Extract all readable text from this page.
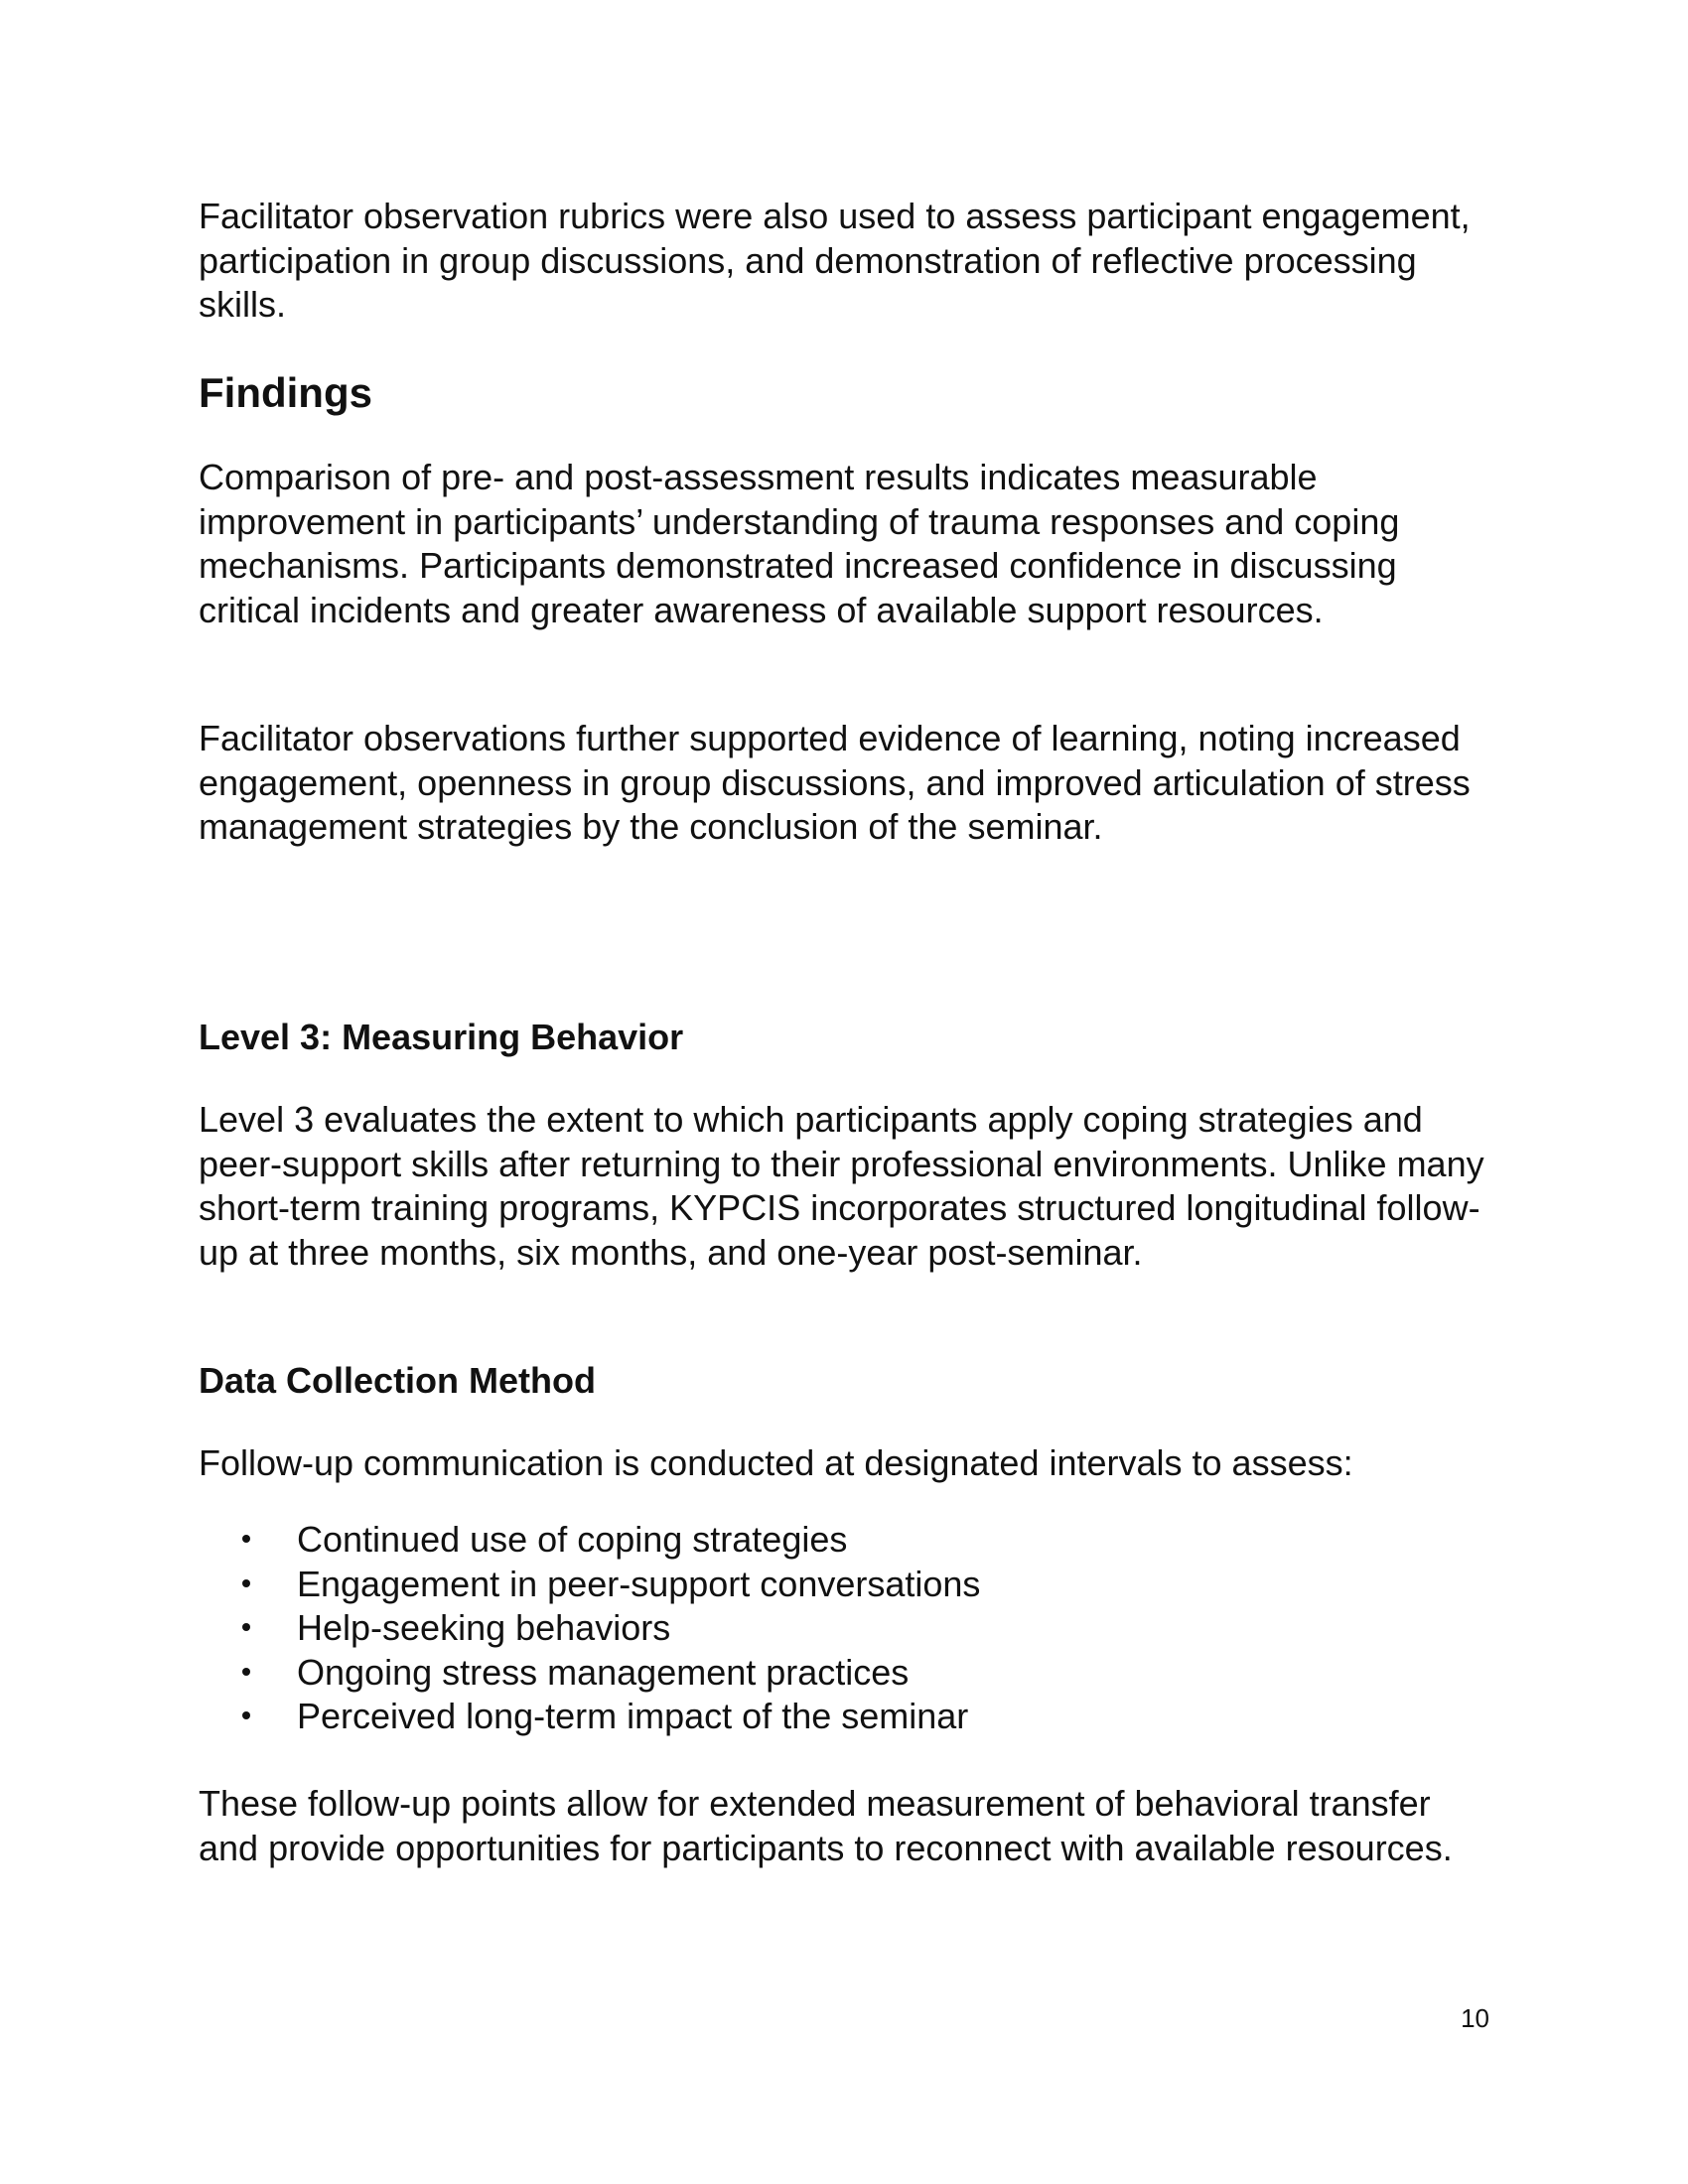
Facilitator observation rubrics were also used to assess participant engagement, participation in group discussions, and demonstration of reflective processing skills.

Findings

Comparison of pre- and post-assessment results indicates measurable improvement in participants’ understanding of trauma responses and coping mechanisms. Participants demonstrated increased confidence in discussing critical incidents and greater awareness of available support resources.

Facilitator observations further supported evidence of learning, noting increased engagement, openness in group discussions, and improved articulation of stress management strategies by the conclusion of the seminar.

Level 3: Measuring Behavior

Level 3 evaluates the extent to which participants apply coping strategies and peer-support skills after returning to their professional environments. Unlike many short-term training programs, KYPCIS incorporates structured longitudinal follow-up at three months, six months, and one-year post-seminar.

Data Collection Method

Follow-up communication is conducted at designated intervals to assess:

Continued use of coping strategies
Engagement in peer-support conversations
Help-seeking behaviors
Ongoing stress management practices
Perceived long-term impact of the seminar

These follow-up points allow for extended measurement of behavioral transfer and provide opportunities for participants to reconnect with available resources.

10
